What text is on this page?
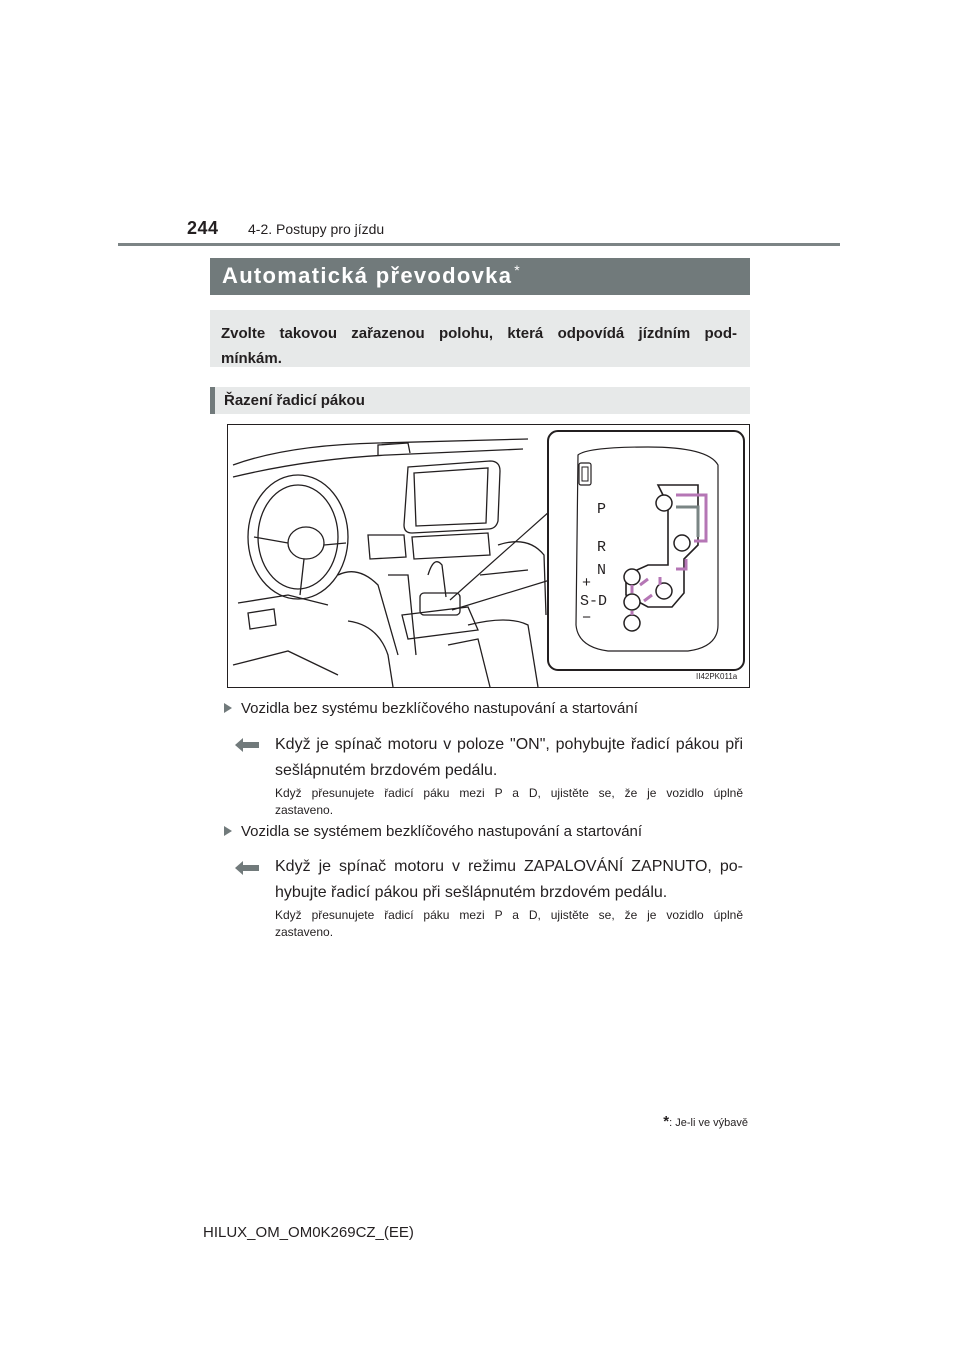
244 4-2. Postupy pro jízdu
Automatická převodovka *
Zvolte takovou zařazenou polohu, která odpovídá jízdním pod-mínkám.
Řazení řadicí pákou
P
R
N
+
S-D
−
II42PK011a
Vozidla bez systému bezklíčového nastupování a startování
Když je spínač motoru v poloze "ON", pohybujte řadicí pákou při sešlápnutém brzdovém pedálu.
Když přesunujete řadicí páku mezi P a D, ujistěte se, že je vozidlo úplně zastaveno.
Vozidla se systémem bezklíčového nastupování a startování
Když je spínač motoru v režimu ZAPALOVÁNÍ ZAPNUTO, po-hybujte řadicí pákou při sešlápnutém brzdovém pedálu.
Když přesunujete řadicí páku mezi P a D, ujistěte se, že je vozidlo úplně zastaveno.
*: Je-li ve výbavě
HILUX_OM_OM0K269CZ_(EE)
